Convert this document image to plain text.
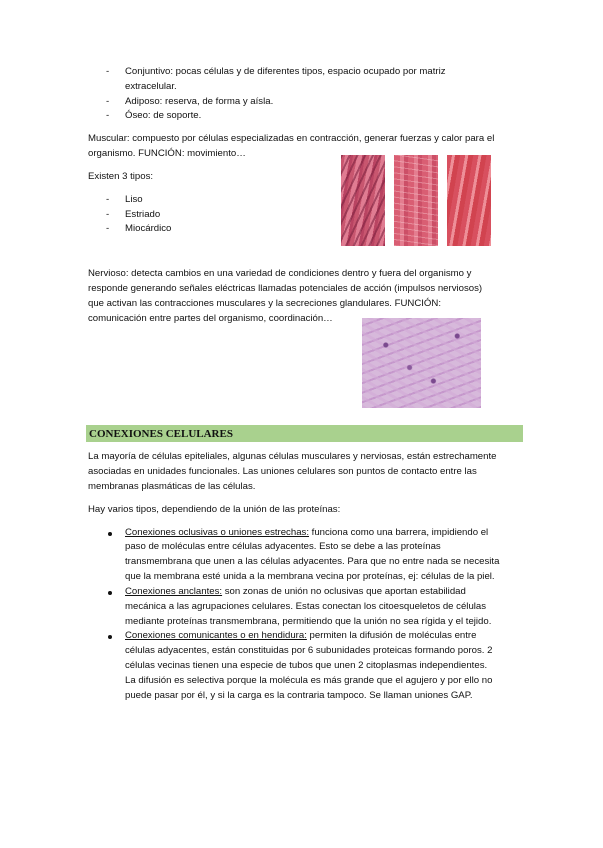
- Conjuntivo: pocas células y de diferentes tipos, espacio ocupado por matriz
extracelular.
- Adiposo: reserva, de forma y aísla.
- Óseo: de soporte.
Muscular: compuesto por células especializadas en contracción, generar fuerzas y calor para el
organismo. FUNCIÓN: movimiento…
Existen 3 tipos:
- Liso
- Estriado
- Miocárdico
Nervioso: detecta cambios en una variedad de condiciones dentro y fuera del organismo y
responde generando señales eléctricas llamadas potenciales de acción (impulsos nerviosos)
que activan las contracciones musculares y la secreciones glandulares. FUNCIÓN:
comunicación entre partes del organismo, coordinación…
CONEXIONES CELULARES
La mayoría de células epiteliales, algunas células musculares y nerviosas, están estrechamente
asociadas en unidades funcionales. Las uniones celulares son puntos de contacto entre las
membranas plasmáticas de las células.
Hay varios tipos, dependiendo de la unión de las proteínas:
Conexiones oclusivas o uniones estrechas: funciona como una barrera, impidiendo el
paso de moléculas entre células adyacentes. Esto se debe a las proteínas
transmembrana que unen a las células adyacentes. Para que no entre nada se necesita
que la membrana esté unida a la membrana vecina por proteínas, ej: células de la piel.
Conexiones anclantes: son zonas de unión no oclusivas que aportan estabilidad
mecánica a las agrupaciones celulares. Estas conectan los citoesqueletos de células
mediante proteínas transmembrana, permitiendo que la unión no sea rígida y el tejido.
Conexiones comunicantes o en hendidura: permiten la difusión de moléculas entre
células adyacentes, están constituidas por 6 subunidades proteicas formando poros. 2
células vecinas tienen una especie de tubos que unen 2 citoplasmas independientes.
La difusión es selectiva porque la molécula es más grande que el agujero y por ello no
puede pasar por él, y si la carga es la contraria tampoco. Se llaman uniones GAP.
